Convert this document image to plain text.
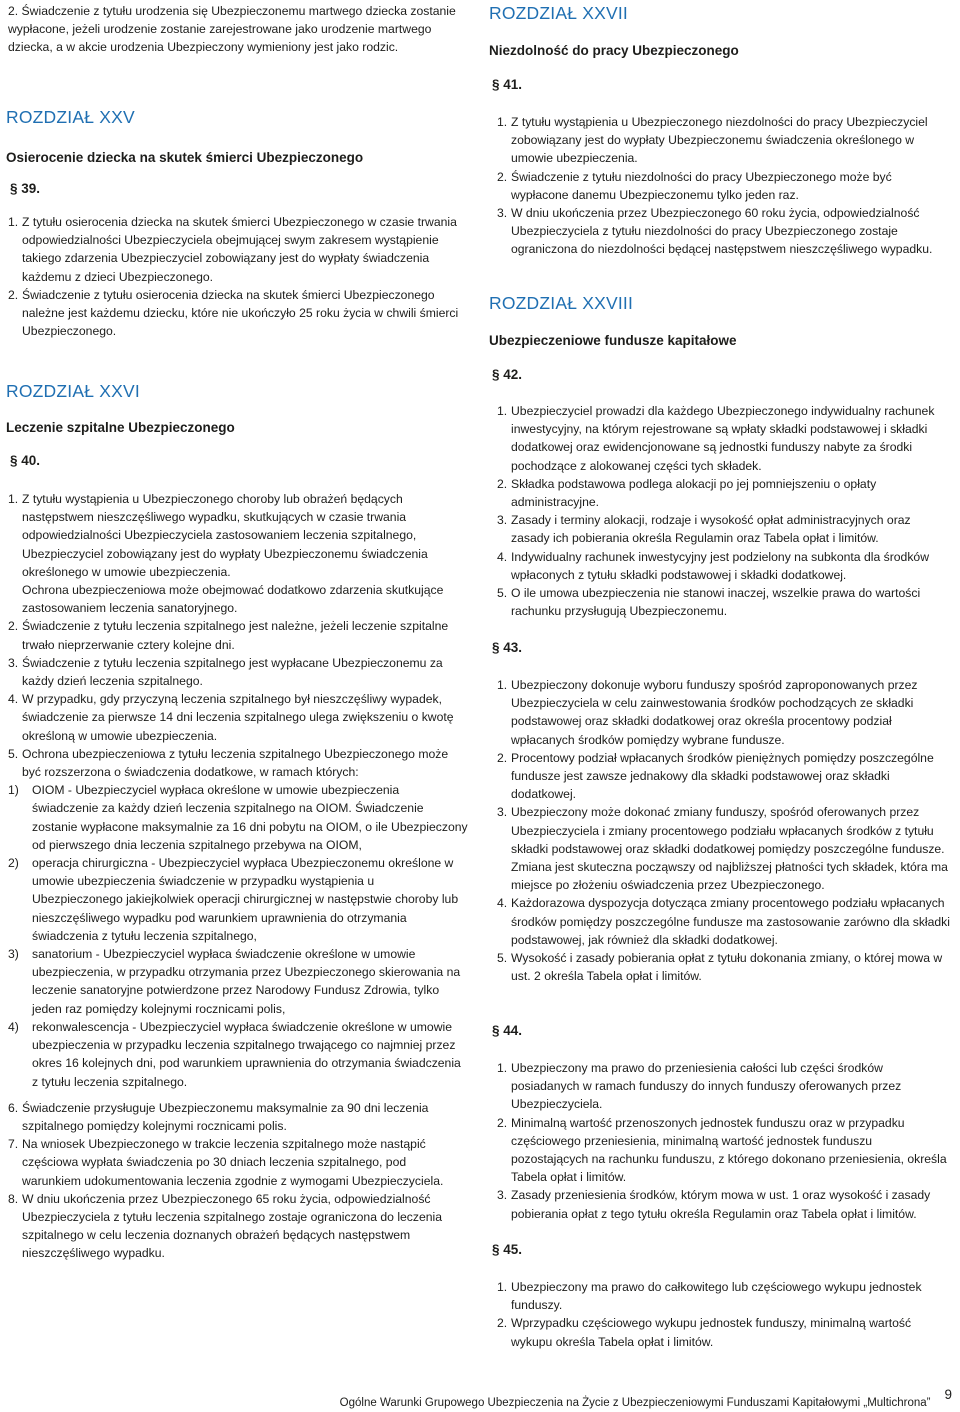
2. Świadczenie z tytułu urodzenia się Ubezpieczonemu martwego dziecka zostanie wypłacone, jeżeli urodzenie zostanie zarejestrowane jako urodzenie martwego dziecka, a w akcie urodzenia Ubezpieczony wymieniony jest jako rodzic.
ROZDZIAŁ XXV
Osierocenie dziecka na skutek śmierci Ubezpieczonego
§ 39.
1. Z tytułu osierocenia dziecka na skutek śmierci Ubezpieczonego w czasie trwania odpowiedzialności Ubezpieczyciela obejmującej swym zakresem wystąpienie takiego zdarzenia Ubezpieczyciel zobowiązany jest do wypłaty świadczenia każdemu z dzieci Ubezpieczonego.
2. Świadczenie z tytułu osierocenia dziecka na skutek śmierci Ubezpieczonego należne jest każdemu dziecku, które nie ukończyło 25 roku życia w chwili śmierci Ubezpieczonego.
ROZDZIAŁ XXVI
Leczenie szpitalne Ubezpieczonego
§ 40.
1. Z tytułu wystąpienia u Ubezpieczonego choroby lub obrażeń będących następstwem nieszczęśliwego wypadku, skutkujących w czasie trwania odpowiedzialności Ubezpieczyciela zastosowaniem leczenia szpitalnego, Ubezpieczyciel zobowiązany jest do wypłaty Ubezpieczonemu świadczenia określonego w umowie ubezpieczenia.
Ochrona ubezpieczeniowa może obejmować dodatkowo zdarzenia skutkujące zastosowaniem leczenia sanatoryjnego.
2. Świadczenie z tytułu leczenia szpitalnego jest należne, jeżeli leczenie szpitalne trwało nieprzerwanie cztery kolejne dni.
3. Świadczenie z tytułu leczenia szpitalnego jest wypłacane Ubezpieczonemu za każdy dzień leczenia szpitalnego.
4. W przypadku, gdy przyczyną leczenia szpitalnego był nieszczęśliwy wypadek, świadczenie za pierwsze 14 dni leczenia szpitalnego ulega zwiększeniu o kwotę określoną w umowie ubezpieczenia.
5. Ochrona ubezpieczeniowa z tytułu leczenia szpitalnego Ubezpieczonego może być rozszerzona o świadczenia dodatkowe, w ramach których:
1) OIOM - Ubezpieczyciel wypłaca określone w umowie ubezpieczenia świadczenie za każdy dzień leczenia szpitalnego na OIOM. Świadczenie zostanie wypłacone maksymalnie za 16 dni pobytu na OIOM, o ile Ubezpieczony od pierwszego dnia leczenia szpitalnego przebywa na OIOM,
2) operacja chirurgiczna - Ubezpieczyciel wypłaca Ubezpieczonemu określone w umowie ubezpieczenia świadczenie w przypadku wystąpienia u Ubezpieczonego jakiejkolwiek operacji chirurgicznej w następstwie choroby lub nieszczęśliwego wypadku pod warunkiem uprawnienia do otrzymania świadczenia z tytułu leczenia szpitalnego,
3) sanatorium - Ubezpieczyciel wypłaca świadczenie określone w umowie ubezpieczenia, w przypadku otrzymania przez Ubezpieczonego skierowania na leczenie sanatoryjne potwierdzone przez Narodowy Fundusz Zdrowia, tylko jeden raz pomiędzy kolejnymi rocznicami polis,
4) rekonwalescencja - Ubezpieczyciel wypłaca świadczenie określone w umowie ubezpieczenia w przypadku leczenia szpitalnego trwającego co najmniej przez okres 16 kolejnych dni, pod warunkiem uprawnienia do otrzymania świadczenia z tytułu leczenia szpitalnego.
6. Świadczenie przysługuje Ubezpieczonemu maksymalnie za 90 dni leczenia szpitalnego pomiędzy kolejnymi rocznicami polis.
7. Na wniosek Ubezpieczonego w trakcie leczenia szpitalnego może nastąpić częściowa wypłata świadczenia po 30 dniach leczenia szpitalnego, pod warunkiem udokumentowania leczenia zgodnie z wymogami Ubezpieczyciela.
8. W dniu ukończenia przez Ubezpieczonego 65 roku życia, odpowiedzialność Ubezpieczyciela z tytułu leczenia szpitalnego zostaje ograniczona do leczenia szpitalnego w celu leczenia doznanych obrażeń będących następstwem nieszczęśliwego wypadku.
ROZDZIAŁ XXVII
Niezdolność do pracy Ubezpieczonego
§ 41.
1. Z tytułu wystąpienia u Ubezpieczonego niezdolności do pracy Ubezpieczyciel zobowiązany jest do wypłaty Ubezpieczonemu świadczenia określonego w umowie ubezpieczenia.
2. Świadczenie z tytułu niezdolności do pracy Ubezpieczonego może być wypłacone danemu Ubezpieczonemu tylko jeden raz.
3. W dniu ukończenia przez Ubezpieczonego 60 roku życia, odpowiedzialność Ubezpieczyciela z tytułu niezdolności do pracy Ubezpieczonego zostaje ograniczona do niezdolności będącej następstwem nieszczęśliwego wypadku.
ROZDZIAŁ XXVIII
Ubezpieczeniowe fundusze kapitałowe
§ 42.
1. Ubezpieczyciel prowadzi dla każdego Ubezpieczonego indywidualny rachunek inwestycyjny, na którym rejestrowane są wpłaty składki podstawowej i składki dodatkowej oraz ewidencjonowane są jednostki funduszy nabyte za środki pochodzące z alokowanej części tych składek.
2. Składka podstawowa podlega alokacji po jej pomniejszeniu o opłaty administracyjne.
3. Zasady i terminy alokacji, rodzaje i wysokość opłat administracyjnych oraz zasady ich pobierania określa Regulamin oraz Tabela opłat i limitów.
4. Indywidualny rachunek inwestycyjny jest podzielony na subkonta dla środków wpłaconych z tytułu składki podstawowej i składki dodatkowej.
5. O ile umowa ubezpieczenia nie stanowi inaczej, wszelkie prawa do wartości rachunku przysługują Ubezpieczonemu.
§ 43.
1. Ubezpieczony dokonuje wyboru funduszy spośród zaproponowanych przez Ubezpieczyciela w celu zainwestowania środków pochodzących ze składki podstawowej oraz składki dodatkowej oraz określa procentowy podział wpłacanych środków pomiędzy wybrane fundusze.
2. Procentowy podział wpłacanych środków pieniężnych pomiędzy poszczególne fundusze jest zawsze jednakowy dla składki podstawowej oraz składki dodatkowej.
3. Ubezpieczony może dokonać zmiany funduszy, spośród oferowanych przez Ubezpieczyciela i zmiany procentowego podziału wpłacanych środków z tytułu składki podstawowej oraz składki dodatkowej pomiędzy poszczególne fundusze. Zmiana jest skuteczna począwszy od najbliższej płatności tych składek, która ma miejsce po złożeniu oświadczenia przez Ubezpieczonego.
4. Każdorazowa dyspozycja dotycząca zmiany procentowego podziału wpłacanych środków pomiędzy poszczególne fundusze ma zastosowanie zarówno dla składki podstawowej, jak również dla składki dodatkowej.
5. Wysokość i zasady pobierania opłat z tytułu dokonania zmiany, o której mowa w ust. 2 określa Tabela opłat i limitów.
§ 44.
1. Ubezpieczony ma prawo do przeniesienia całości lub części środków posiadanych w ramach funduszy do innych funduszy oferowanych przez Ubezpieczyciela.
2. Minimalną wartość przenoszonych jednostek funduszu oraz w przypadku częściowego przeniesienia, minimalną wartość jednostek funduszu pozostających na rachunku funduszu, z którego dokonano przeniesienia, określa Tabela opłat i limitów.
3. Zasady przeniesienia środków, którym mowa w ust. 1 oraz wysokość i zasady pobierania opłat z tego tytułu określa Regulamin oraz Tabela opłat i limitów.
§ 45.
1. Ubezpieczony ma prawo do całkowitego lub częściowego wykupu jednostek funduszy.
2. Wprzypadku częściowego wykupu jednostek funduszy, minimalną wartość wykupu określa Tabela opłat i limitów.
Ogólne Warunki Grupowego Ubezpieczenia na Życie z Ubezpieczeniowymi Funduszami Kapitałowymi „Multichrona”9
